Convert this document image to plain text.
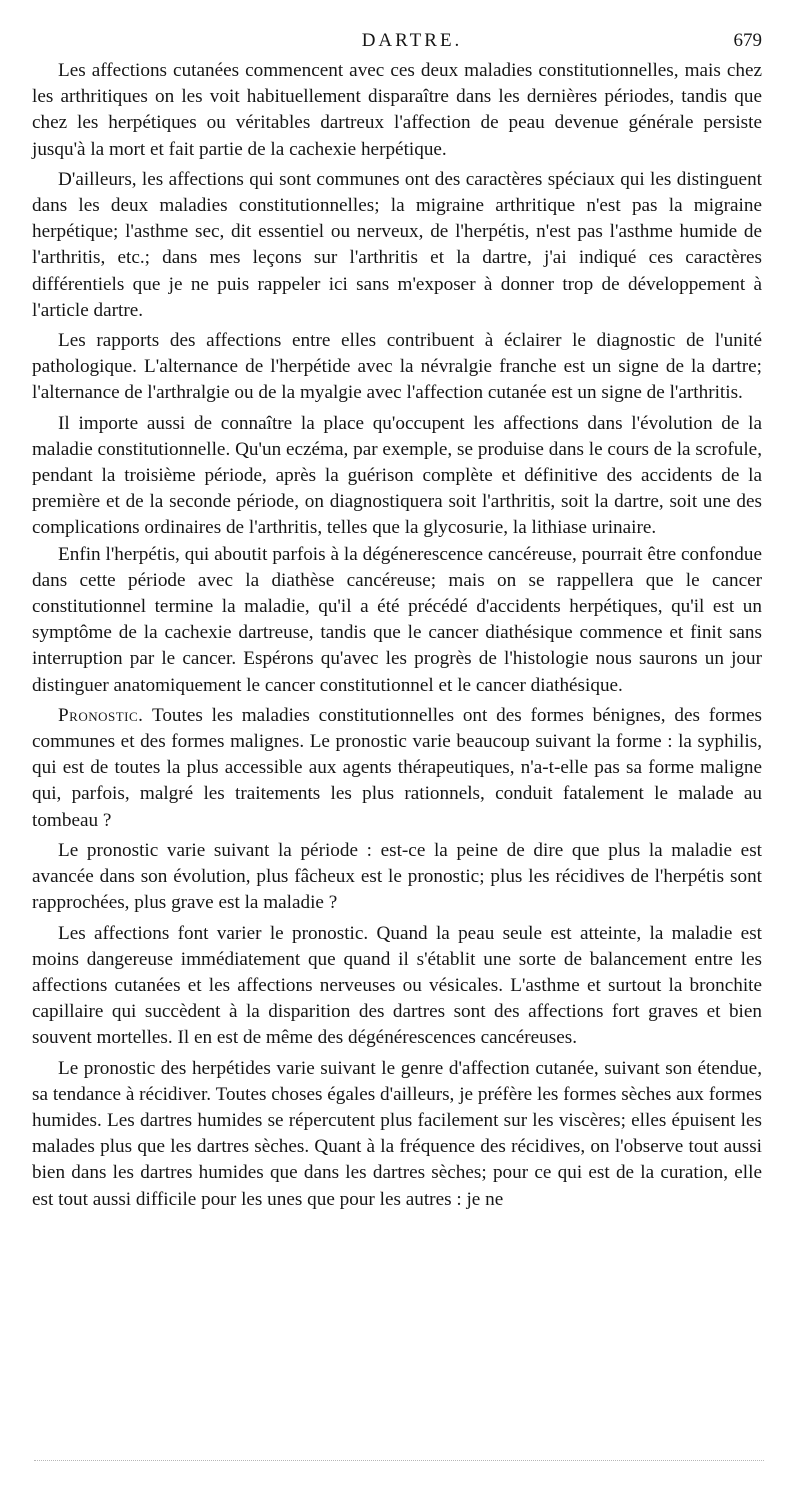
DARTRE.	679

Les affections cutanées commencent avec ces deux maladies constitutionnelles, mais chez les arthritiques on les voit habituellement disparaître dans les dernières périodes, tandis que chez les herpétiques ou véritables dartreux l'affection de peau devenue générale persiste jusqu'à la mort et fait partie de la cachexie herpétique.

D'ailleurs, les affections qui sont communes ont des caractères spéciaux qui les distinguent dans les deux maladies constitutionnelles; la migraine arthritique n'est pas la migraine herpétique; l'asthme sec, dit essentiel ou nerveux, de l'herpétis, n'est pas l'asthme humide de l'arthritis, etc.; dans mes leçons sur l'arthritis et la dartre, j'ai indiqué ces caractères différentiels que je ne puis rappeler ici sans m'exposer à donner trop de développement à l'article dartre.

Les rapports des affections entre elles contribuent à éclairer le diagnostic de l'unité pathologique. L'alternance de l'herpétide avec la névralgie franche est un signe de la dartre; l'alternance de l'arthralgie ou de la myalgie avec l'affection cutanée est un signe de l'arthritis.

Il importe aussi de connaître la place qu'occupent les affections dans l'évolution de la maladie constitutionnelle. Qu'un eczéma, par exemple, se produise dans le cours de la scrofule, pendant la troisième période, après la guérison complète et définitive des accidents de la première et de la seconde période, on diagnostiquera soit l'arthritis, soit la dartre, soit une des complications ordinaires de l'arthritis, telles que la glycosurie, la lithiase urinaire.

Enfin l'herpétis, qui aboutit parfois à la dégénerescence cancéreuse, pourrait être confondue dans cette période avec la diathèse cancéreuse; mais on se rappellera que le cancer constitutionnel termine la maladie, qu'il a été précédé d'accidents herpétiques, qu'il est un symptôme de la cachexie dartreuse, tandis que le cancer diathésique commence et finit sans interruption par le cancer. Espérons qu'avec les progrès de l'histologie nous saurons un jour distinguer anatomiquement le cancer constitutionnel et le cancer diathésique.

Pronostic. Toutes les maladies constitutionnelles ont des formes bénignes, des formes communes et des formes malignes. Le pronostic varie beaucoup suivant la forme : la syphilis, qui est de toutes la plus accessible aux agents thérapeutiques, n'a-t-elle pas sa forme maligne qui, parfois, malgré les traitements les plus rationnels, conduit fatalement le malade au tombeau ?

Le pronostic varie suivant la période : est-ce la peine de dire que plus la maladie est avancée dans son évolution, plus fâcheux est le pronostic; plus les récidives de l'herpétis sont rapprochées, plus grave est la maladie ?

Les affections font varier le pronostic. Quand la peau seule est atteinte, la maladie est moins dangereuse immédiatement que quand il s'établit une sorte de balancement entre les affections cutanées et les affections nerveuses ou vésicales. L'asthme et surtout la bronchite capillaire qui succèdent à la disparition des dartres sont des affections fort graves et bien souvent mortelles. Il en est de même des dégénérescences cancéreuses.

Le pronostic des herpétides varie suivant le genre d'affection cutanée, suivant son étendue, sa tendance à récidiver. Toutes choses égales d'ailleurs, je préfère les formes sèches aux formes humides. Les dartres humides se répercutent plus facilement sur les viscères; elles épuisent les malades plus que les dartres sèches. Quant à la fréquence des récidives, on l'observe tout aussi bien dans les dartres humides que dans les dartres sèches; pour ce qui est de la curation, elle est tout aussi difficile pour les unes que pour les autres : je ne
